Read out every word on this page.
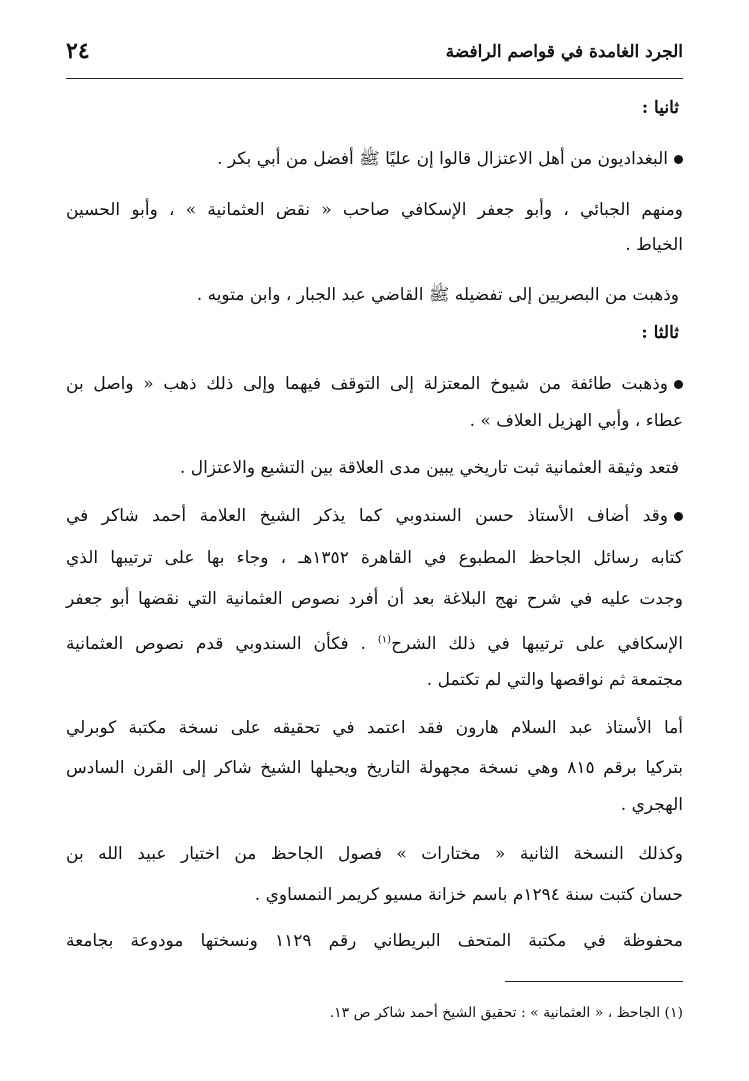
الجرد الغامدة في قواصم الرافضة
٢٤
ثانيا :
البغداديون من أهل الاعتزال قالوا إن عليًا ﷺ أفضل من أبي بكر .
ومنهم الجبائي ، وأبو جعفر الإسكافي صاحب « نقض العثمانية » ، وأبو الحسين
الخياط .
وذهبت من البصريين إلى تفضيله ﷺ القاضي عبد الجبار ، وابن متويه .
ثالثا :
وذهبت طائفة من شيوخ المعتزلة إلى التوقف فيهما وإلى ذلك ذهب « واصل بن
عطاء ، وأبي الهزيل العلاف » .
فتعد وثيقة العثمانية ثبت تاريخي يبين مدى العلاقة بين التشيع والاعتزال .
وقد أضاف الأستاذ حسن السندوبي كما يذكر الشيخ العلامة أحمد شاكر في
كتابه رسائل الجاحظ المطبوع في القاهرة ١٣٥٢هـ ، وجاء بها على ترتيبها الذي
وجدت عليه في شرح نهج البلاغة بعد أن أفرد نصوص العثمانية التي نقضها أبو جعفر
الإسكافي على ترتيبها في ذلك الشرح$^{(١)}$ . فكأن السندوبي قدم نصوص العثمانية
مجتمعة ثم نواقصها والتي لم تكتمل .
أما الأستاذ عبد السلام هارون فقد اعتمد في تحقيقه على نسخة مكتبة كوبرلي
بتركيا برقم ٨١٥ وهي نسخة مجهولة التاريخ ويحيلها الشيخ شاكر إلى القرن السادس
الهجري .
وكذلك النسخة الثانية « مختارات » فصول الجاحظ من اختيار عبيد الله بن
حسان كتبت سنة ١٢٩٤م باسم خزانة مسيو كريمر النمساوي .
محفوظة في مكتبة المتحف البريطاني رقم ١١٢٩ ونسختها مودوعة بجامعة
(١) الجاحظ ، « العثمانية » : تحقيق الشيخ أحمد شاكر ص ١٣.
